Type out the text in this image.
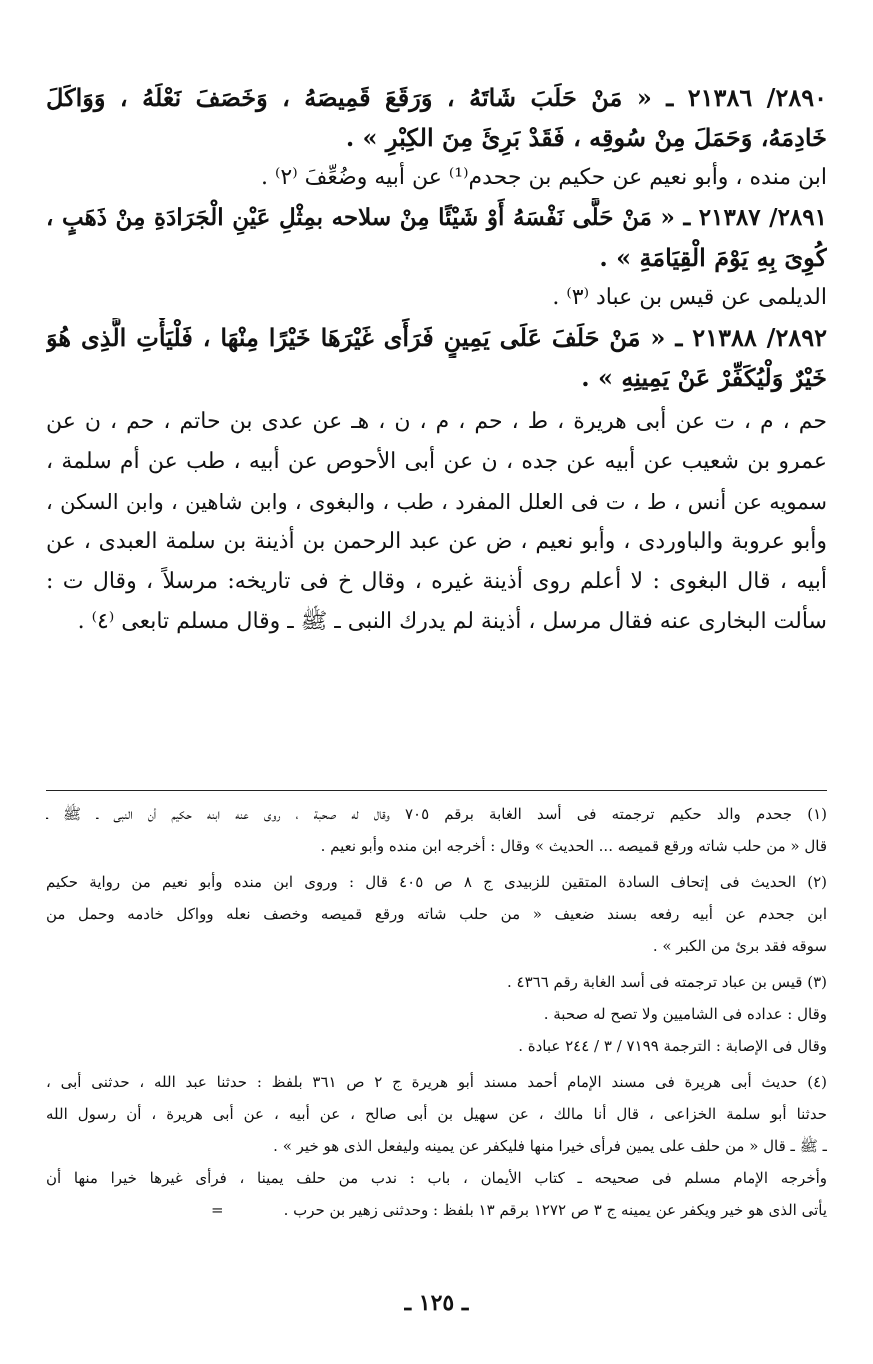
٢٨٩٠/ ٢١٣٨٦ ـ « مَنْ حَلَبَ شَاتَهُ ، وَرَقَعَ قَمِيصَهُ ، وَخَصَفَ نَعْلَهُ ، وَوَاكَلَ
خَادِمَهُ، وَحَمَلَ مِنْ سُوقِه ، فَقَدْ بَرِئَ مِنَ الكِبْرِ » .
ابن منده ، وأبو نعيم عن حكيم بن جحدم⁽¹⁾ عن أبيه وضُعِّفَ ⁽٢⁾ .
٢٨٩١/ ٢١٣٨٧ ـ « مَنْ حَلَّى نَفْسَهُ أَوْ شَيْئًا مِنْ سلاحه بمِثْلِ عَيْنِ الْجَرَادَةِ مِنْ ذَهَبٍ ،
كُوِىَ بِهِ يَوْمَ الْقِيَامَةِ » .
الديلمى عن قيس بن عباد ⁽٣⁾ .
٢٨٩٢/ ٢١٣٨٨ ـ « مَنْ حَلَفَ عَلَى يَمِينٍ فَرَأَى غَيْرَهَا خَيْرًا مِنْهَا ، فَلْيَأْتِ الَّذِى هُوَ
خَيْرٌ وَلْيُكَفِّرْ عَنْ يَمِينِهِ » .
حم ، م ، ت عن أبى هريرة ، ط ، حم ، م ، ن ، هـ عن عدى بن حاتم ، حم ، ن عن
عمرو بن شعيب عن أبيه عن جده ، ن عن أبى الأحوص عن أبيه ، طب عن أم سلمة ،
سمويه عن أنس ، ط ، ت فى العلل المفرد ، طب ، والبغوى ، وابن شاهين ، وابن السكن ،
وأبو عروبة والباوردى ، وأبو نعيم ، ض عن عبد الرحمن بن أذينة بن سلمة العبدى ، عن
أبيه ، قال البغوى : لا أعلم روى أذينة غيره ، وقال خ فى تاريخه: مرسلاً ، وقال ت :
سألت البخارى عنه فقال مرسل ، أذينة لم يدرك النبى ـ ﷺ ـ وقال مسلم تابعى ⁽٤⁾ .
(١) جحدم والد حكيم ترجمته فى أسد الغابة برقم ٧٠٥ وقال له صحبة ، روى عنه ابنه حكيم أن النبى ـ ﷺ ـ
قال « من حلب شاته ورقع قميصه ... الحديث » وقال : أخرجه ابن منده وأبو نعيم .
(٢) الحديث فى إتحاف السادة المتقين للزبيدى ج ٨ ص ٤٠٥ قال : وروى ابن منده وأبو نعيم من رواية حكيم
ابن جحدم عن أبيه رفعه بسند ضعيف « من حلب شاته ورقع قميصه وخصف نعله وواكل خادمه وحمل من
سوقه فقد برئ من الكبر » .
(٣) قيس بن عباد ترجمته فى أسد الغابة رقم ٤٣٦٦ .
وقال : عداده فى الشاميين ولا تصح له صحبة .
وقال فى الإصابة : الترجمة ٧١٩٩ / ٣ / ٢٤٤ عبادة .
(٤) حديث أبى هريرة فى مسند الإمام أحمد مسند أبو هريرة ج ٢ ص ٣٦١ بلفظ : حدثنا عبد الله ، حدثنى أبى ،
حدثنا أبو سلمة الخزاعى ، قال أنا مالك ، عن سهيل بن أبى صالح ، عن أبيه ، عن أبى هريرة ، أن رسول الله
ـ ﷺ ـ قال « من حلف على يمين فرأى خيرا منها فليكفر عن يمينه وليفعل الذى هو خير » .
وأخرجه الإمام مسلم فى صحيحه ـ كتاب الأيمان ، باب : ندب من حلف يمينا ، فرأى غيرها خيرا منها أن
يأتى الذى هو خير ويكفر عن يمينه ج ٣ ص ١٢٧٢ برقم ١٣ بلفظ : وحدثنى زهير بن حرب .=
ـ ١٢٥ ـ
